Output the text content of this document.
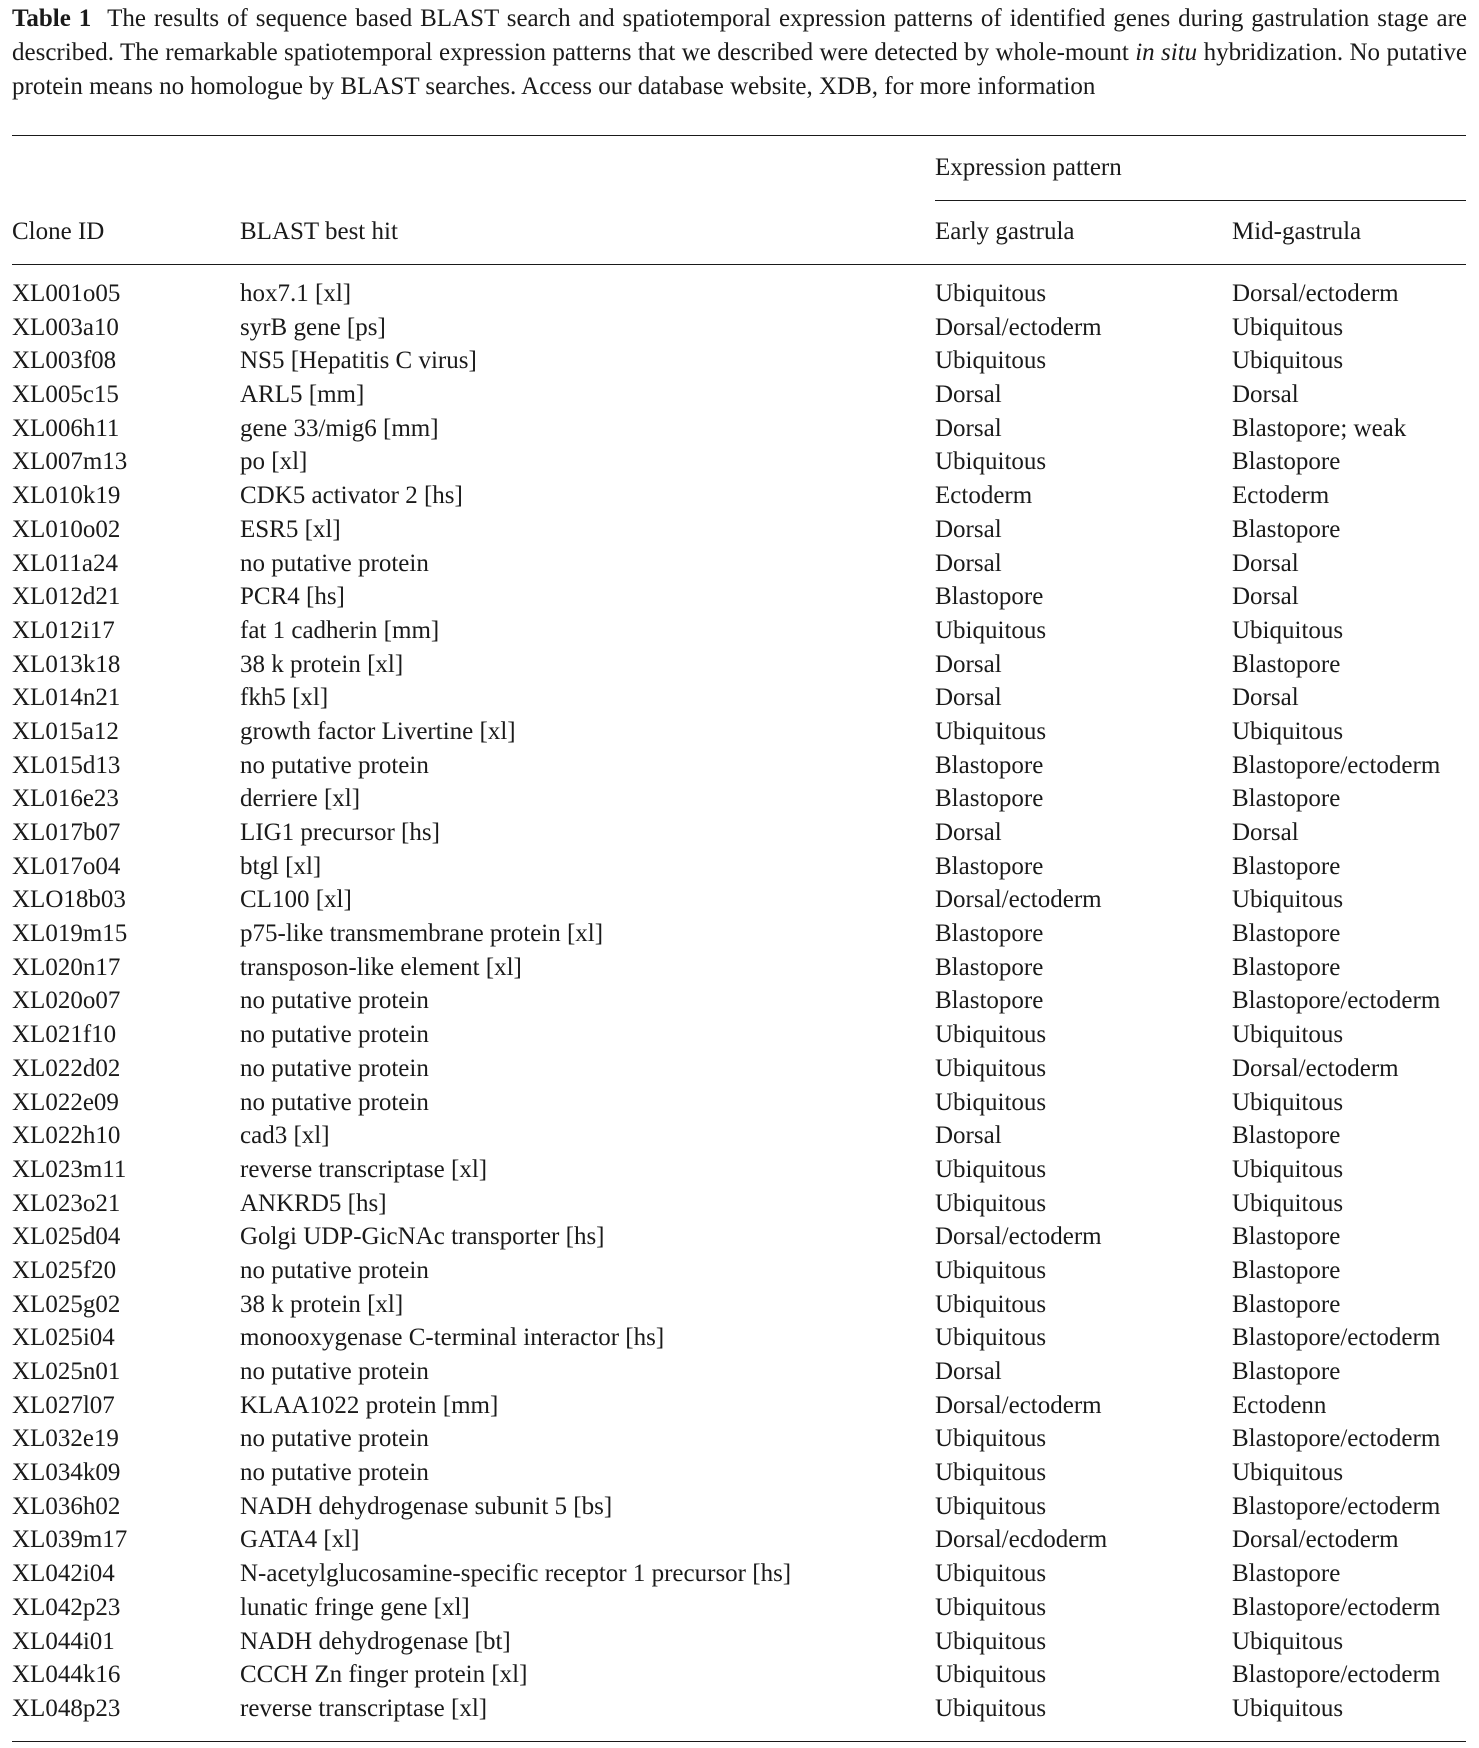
Table 1 The results of sequence based BLAST search and spatiotemporal expression patterns of identified genes during gastrulation stage are described. The remarkable spatiotemporal expression patterns that we described were detected by whole-mount in situ hybridization. No putative protein means no homologue by BLAST searches. Access our database website, XDB, for more information
Expression pattern
Clone ID	BLAST best hit	Early gastrula	Mid-gastrula
XL001o05	hox7.1 [xl]	Ubiquitous	Dorsal/ectoderm
XL003a10	syrB gene [ps]	Dorsal/ectoderm	Ubiquitous
XL003f08	NS5 [Hepatitis C virus]	Ubiquitous	Ubiquitous
XL005c15	ARL5 [mm]	Dorsal	Dorsal
XL006h11	gene 33/mig6 [mm]	Dorsal	Blastopore; weak
XL007m13	po [xl]	Ubiquitous	Blastopore
XL010k19	CDK5 activator 2 [hs]	Ectoderm	Ectoderm
XL010o02	ESR5 [xl]	Dorsal	Blastopore
XL011a24	no putative protein	Dorsal	Dorsal
XL012d21	PCR4 [hs]	Blastopore	Dorsal
XL012i17	fat 1 cadherin [mm]	Ubiquitous	Ubiquitous
XL013k18	38 k protein [xl]	Dorsal	Blastopore
XL014n21	fkh5 [xl]	Dorsal	Dorsal
XL015a12	growth factor Livertine [xl]	Ubiquitous	Ubiquitous
XL015d13	no putative protein	Blastopore	Blastopore/ectoderm
XL016e23	derriere [xl]	Blastopore	Blastopore
XL017b07	LIG1 precursor [hs]	Dorsal	Dorsal
XL017o04	btgl [xl]	Blastopore	Blastopore
XLO18b03	CL100 [xl]	Dorsal/ectoderm	Ubiquitous
XL019m15	p75-like transmembrane protein [xl]	Blastopore	Blastopore
XL020n17	transposon-like element [xl]	Blastopore	Blastopore
XL020o07	no putative protein	Blastopore	Blastopore/ectoderm
XL021f10	no putative protein	Ubiquitous	Ubiquitous
XL022d02	no putative protein	Ubiquitous	Dorsal/ectoderm
XL022e09	no putative protein	Ubiquitous	Ubiquitous
XL022h10	cad3 [xl]	Dorsal	Blastopore
XL023m11	reverse transcriptase [xl]	Ubiquitous	Ubiquitous
XL023o21	ANKRD5 [hs]	Ubiquitous	Ubiquitous
XL025d04	Golgi UDP-GicNAc transporter [hs]	Dorsal/ectoderm	Blastopore
XL025f20	no putative protein	Ubiquitous	Blastopore
XL025g02	38 k protein [xl]	Ubiquitous	Blastopore
XL025i04	monooxygenase C-terminal interactor [hs]	Ubiquitous	Blastopore/ectoderm
XL025n01	no putative protein	Dorsal	Blastopore
XL027l07	KLAA1022 protein [mm]	Dorsal/ectoderm	Ectodenn
XL032e19	no putative protein	Ubiquitous	Blastopore/ectoderm
XL034k09	no putative protein	Ubiquitous	Ubiquitous
XL036h02	NADH dehydrogenase subunit 5 [bs]	Ubiquitous	Blastopore/ectoderm
XL039m17	GATA4 [xl]	Dorsal/ecdoderm	Dorsal/ectoderm
XL042i04	N-acetylglucosamine-specific receptor 1 precursor [hs]	Ubiquitous	Blastopore
XL042p23	lunatic fringe gene [xl]	Ubiquitous	Blastopore/ectoderm
XL044i01	NADH dehydrogenase [bt]	Ubiquitous	Ubiquitous
XL044k16	CCCH Zn finger protein [xl]	Ubiquitous	Blastopore/ectoderm
XL048p23	reverse transcriptase [xl]	Ubiquitous	Ubiquitous
